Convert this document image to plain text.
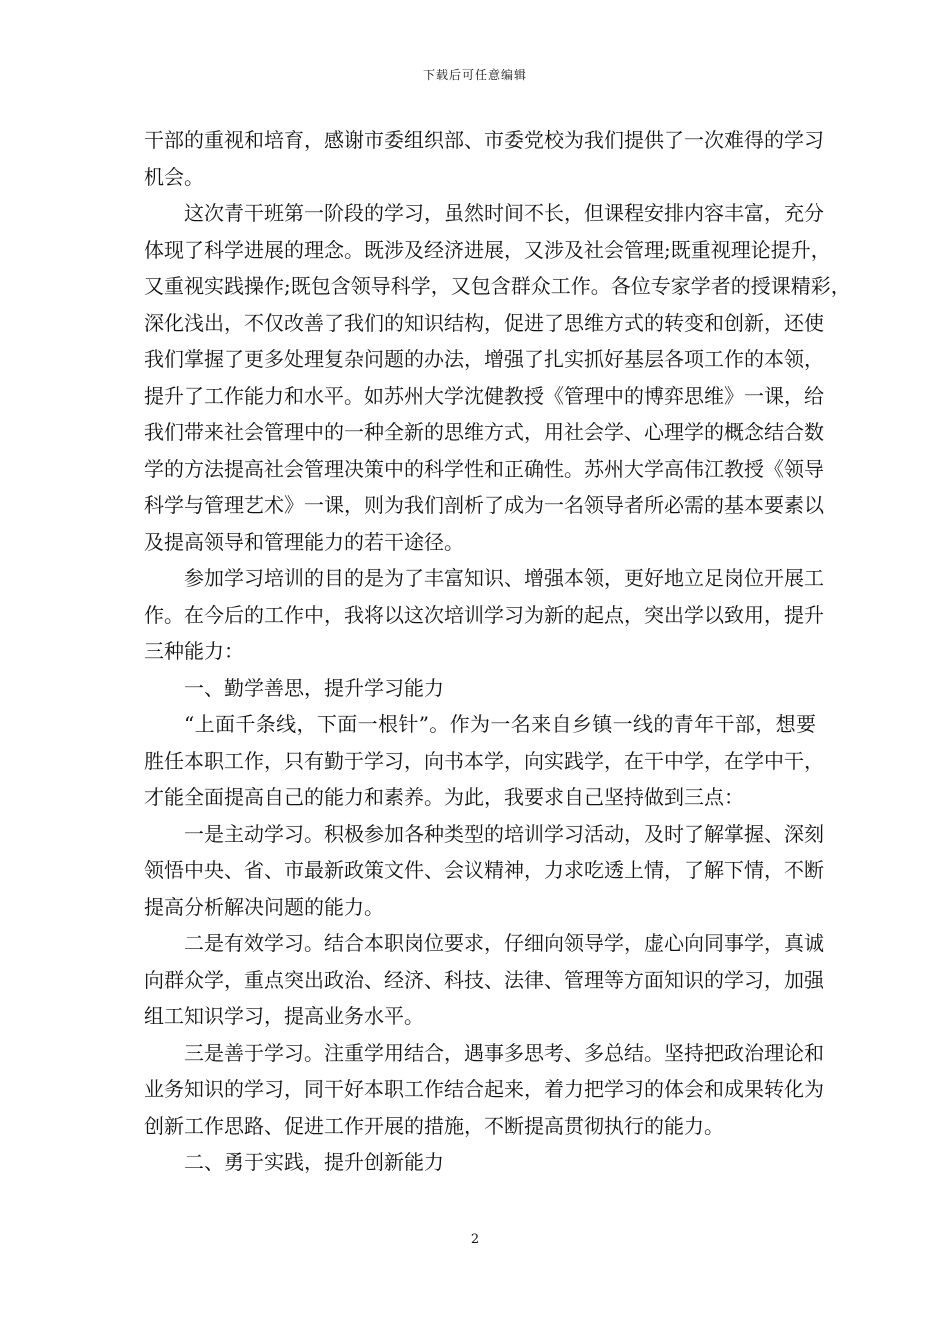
下载后可任意编辑
干部的重视和培育，感谢市委组织部、市委党校为我们提供了一次难得的学习
机会。
这次青干班第一阶段的学习，虽然时间不长，但课程安排内容丰富，充分
体现了科学进展的理念。既涉及经济进展，又涉及社会管理;既重视理论提升，
又重视实践操作;既包含领导科学，又包含群众工作。各位专家学者的授课精彩，
深化浅出，不仅改善了我们的知识结构，促进了思维方式的转变和创新，还使
我们掌握了更多处理复杂问题的办法，增强了扎实抓好基层各项工作的本领，
提升了工作能力和水平。如苏州大学沈健教授《管理中的博弈思维》一课，给
我们带来社会管理中的一种全新的思维方式，用社会学、心理学的概念结合数
学的方法提高社会管理决策中的科学性和正确性。苏州大学高伟江教授《领导
科学与管理艺术》一课，则为我们剖析了成为一名领导者所必需的基本要素以
及提高领导和管理能力的若干途径。
参加学习培训的目的是为了丰富知识、增强本领，更好地立足岗位开展工
作。在今后的工作中，我将以这次培训学习为新的起点，突出学以致用，提升
三种能力：
一、勤学善思，提升学习能力
“上面千条线，下面一根针”。作为一名来自乡镇一线的青年干部，想要
胜任本职工作，只有勤于学习，向书本学，向实践学，在干中学，在学中干，
才能全面提高自己的能力和素养。为此，我要求自己坚持做到三点：
一是主动学习。积极参加各种类型的培训学习活动，及时了解掌握、深刻
领悟中央、省、市最新政策文件、会议精神，力求吃透上情，了解下情，不断
提高分析解决问题的能力。
二是有效学习。结合本职岗位要求，仔细向领导学，虚心向同事学，真诚
向群众学，重点突出政治、经济、科技、法律、管理等方面知识的学习，加强
组工知识学习，提高业务水平。
三是善于学习。注重学用结合，遇事多思考、多总结。坚持把政治理论和
业务知识的学习，同干好本职工作结合起来，着力把学习的体会和成果转化为
创新工作思路、促进工作开展的措施，不断提高贯彻执行的能力。
二、勇于实践，提升创新能力
2
